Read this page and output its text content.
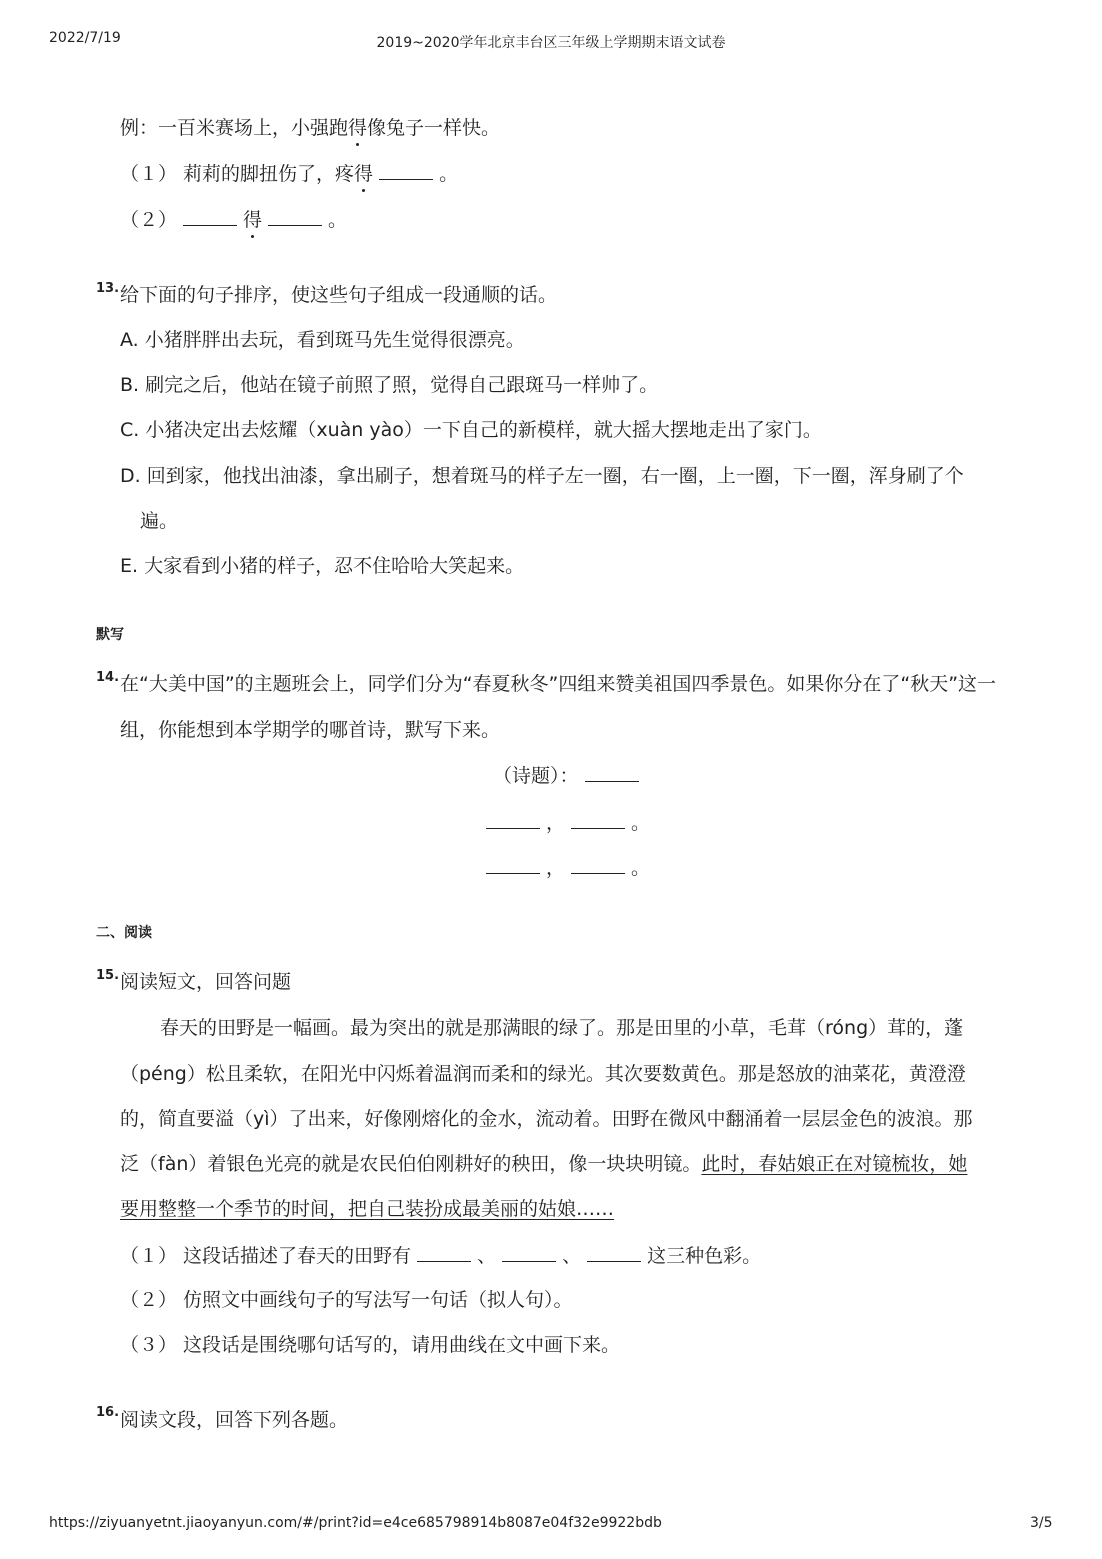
2022/7/19	2019~2020学年北京丰台区三年级上学期期末语文试卷
例：一百米赛场上，小强跑得像兔子一样快。
（１） 莉莉的脚扭伤了，疼得	。
（２）	得	。
13. 给下面的句子排序，使这些句子组成一段通顺的话。
A. 小猪胖胖出去玩，看到斑马先生觉得很漂亮。
B. 刷完之后，他站在镜子前照了照，觉得自己跟斑马一样帅了。
C. 小猪决定出去炫耀（xuàn yào）一下自己的新模样，就大摇大摆地走出了家门。
D. 回到家，他找出油漆，拿出刷子，想着斑马的样子左一圈，右一圈，上一圈，下一圈，浑身刷了个
遍。
E. 大家看到小猪的样子，忍不住哈哈大笑起来。
默写
14. 在“大美中国”的主题班会上，同学们分为“春夏秋冬”四组来赞美祖国四季景色。如果你分在了“秋天”这一
组，你能想到本学期学的哪首诗，默写下来。
（诗题）：
，	。
，	。
二、阅读
15. 阅读短文，回答问题
春天的田野是一幅画。最为突出的就是那满眼的绿了。那是田里的小草，毛茸（róng）茸的，蓬
（péng）松且柔软，在阳光中闪烁着温润而柔和的绿光。其次要数黄色。那是怒放的油菜花，黄澄澄
的，简直要溢（yì）了出来，好像刚熔化的金水，流动着。田野在微风中翻涌着一层层金色的波浪。那
泛（fàn）着银色光亮的就是农民伯伯刚耕好的秧田，像一块块明镜。此时，春姑娘正在对镜梳妆，她
要用整整一个季节的时间，把自己装扮成最美丽的姑娘……
（１） 这段话描述了春天的田野有	、	、	这三种色彩。
（２） 仿照文中画线句子的写法写一句话（拟人句）。
（３） 这段话是围绕哪句话写的，请用曲线在文中画下来。
16. 阅读文段，回答下列各题。
https://ziyuanyetnt.jiaoyanyun.com/#/print?id=e4ce685798914b8087e04f32e9922bdb	3/5
